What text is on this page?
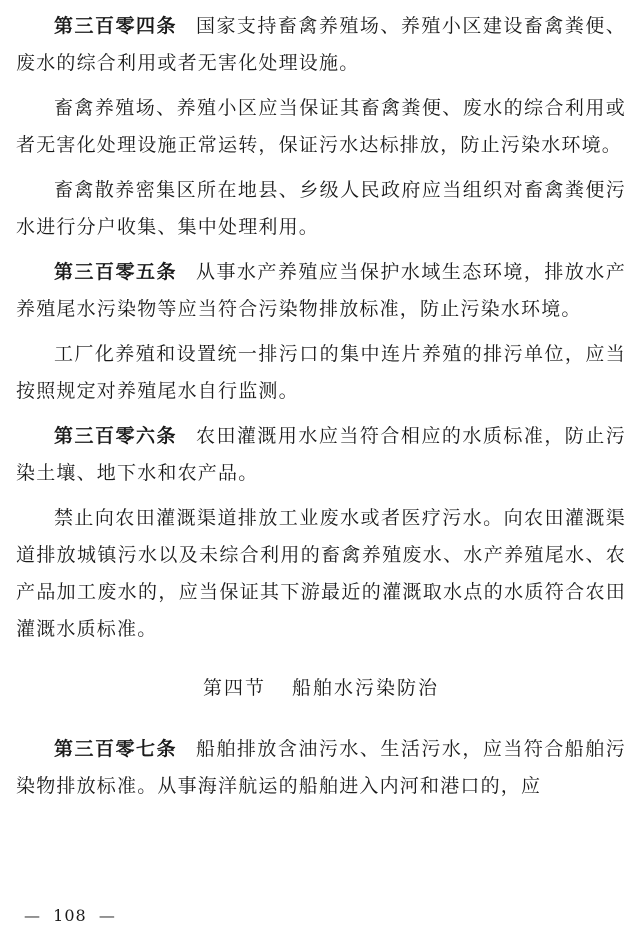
第三百零四条 国家支持畜禽养殖场、养殖小区建设畜禽粪便、废水的综合利用或者无害化处理设施。

畜禽养殖场、养殖小区应当保证其畜禽粪便、废水的综合利用或者无害化处理设施正常运转，保证污水达标排放，防止污染水环境。

畜禽散养密集区所在地县、乡级人民政府应当组织对畜禽粪便污水进行分户收集、集中处理利用。

第三百零五条 从事水产养殖应当保护水域生态环境，排放水产养殖尾水污染物等应当符合污染物排放标准，防止污染水环境。

工厂化养殖和设置统一排污口的集中连片养殖的排污单位，应当按照规定对养殖尾水自行监测。

第三百零六条 农田灌溉用水应当符合相应的水质标准，防止污染土壤、地下水和农产品。

禁止向农田灌溉渠道排放工业废水或者医疗污水。向农田灌溉渠道排放城镇污水以及未综合利用的畜禽养殖废水、水产养殖尾水、农产品加工废水的，应当保证其下游最近的灌溉取水点的水质符合农田灌溉水质标准。

第四节 船舶水污染防治

第三百零七条 船舶排放含油污水、生活污水，应当符合船舶污染物排放标准。从事海洋航运的船舶进入内河和港口的，应

— 108 —
